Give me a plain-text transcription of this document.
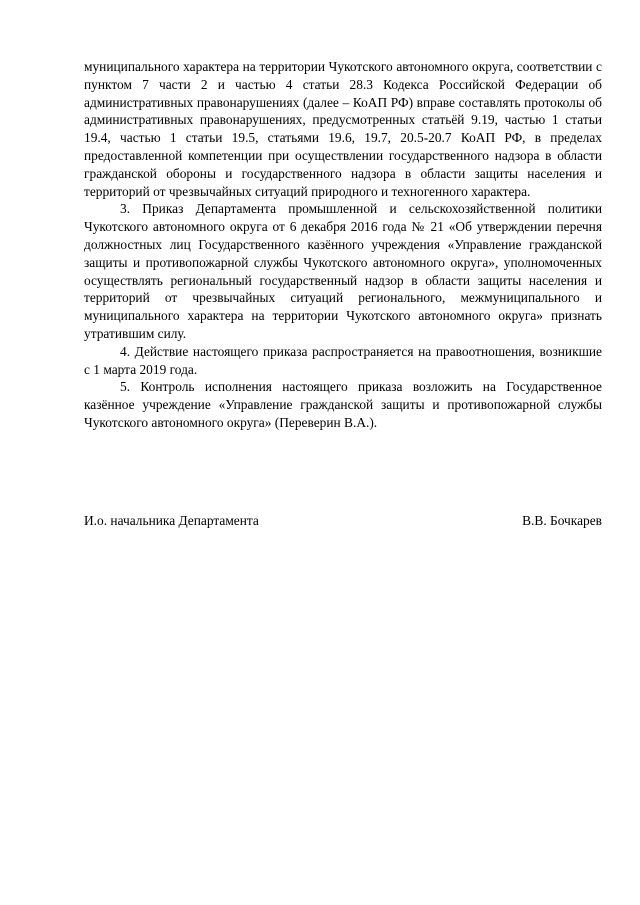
муниципального характера на территории Чукотского автономного округа, соответствии с пунктом 7 части 2 и частью 4 статьи 28.3 Кодекса Российской Федерации об административных правонарушениях (далее – КоАП РФ) вправе составлять протоколы об административных правонарушениях, предусмотренных статьёй 9.19, частью 1 статьи 19.4, частью 1 статьи 19.5, статьями 19.6, 19.7, 20.5-20.7 КоАП РФ, в пределах предоставленной компетенции при осуществлении государственного надзора в области гражданской обороны и государственного надзора в области защиты населения и территорий от чрезвычайных ситуаций природного и техногенного характера.

3. Приказ Департамента промышленной и сельскохозяйственной политики Чукотского автономного округа от 6 декабря 2016 года № 21 «Об утверждении перечня должностных лиц Государственного казённого учреждения «Управление гражданской защиты и противопожарной службы Чукотского автономного округа», уполномоченных осуществлять региональный государственный надзор в области защиты населения и территорий от чрезвычайных ситуаций регионального, межмуниципального и муниципального характера на территории Чукотского автономного округа» признать утратившим силу.

4. Действие настоящего приказа распространяется на правоотношения, возникшие с 1 марта 2019 года.

5. Контроль исполнения настоящего приказа возложить на Государственное казённое учреждение «Управление гражданской защиты и противопожарной службы Чукотского автономного округа» (Переверин В.А.).

И.о. начальника Департамента	В.В. Бочкарев
